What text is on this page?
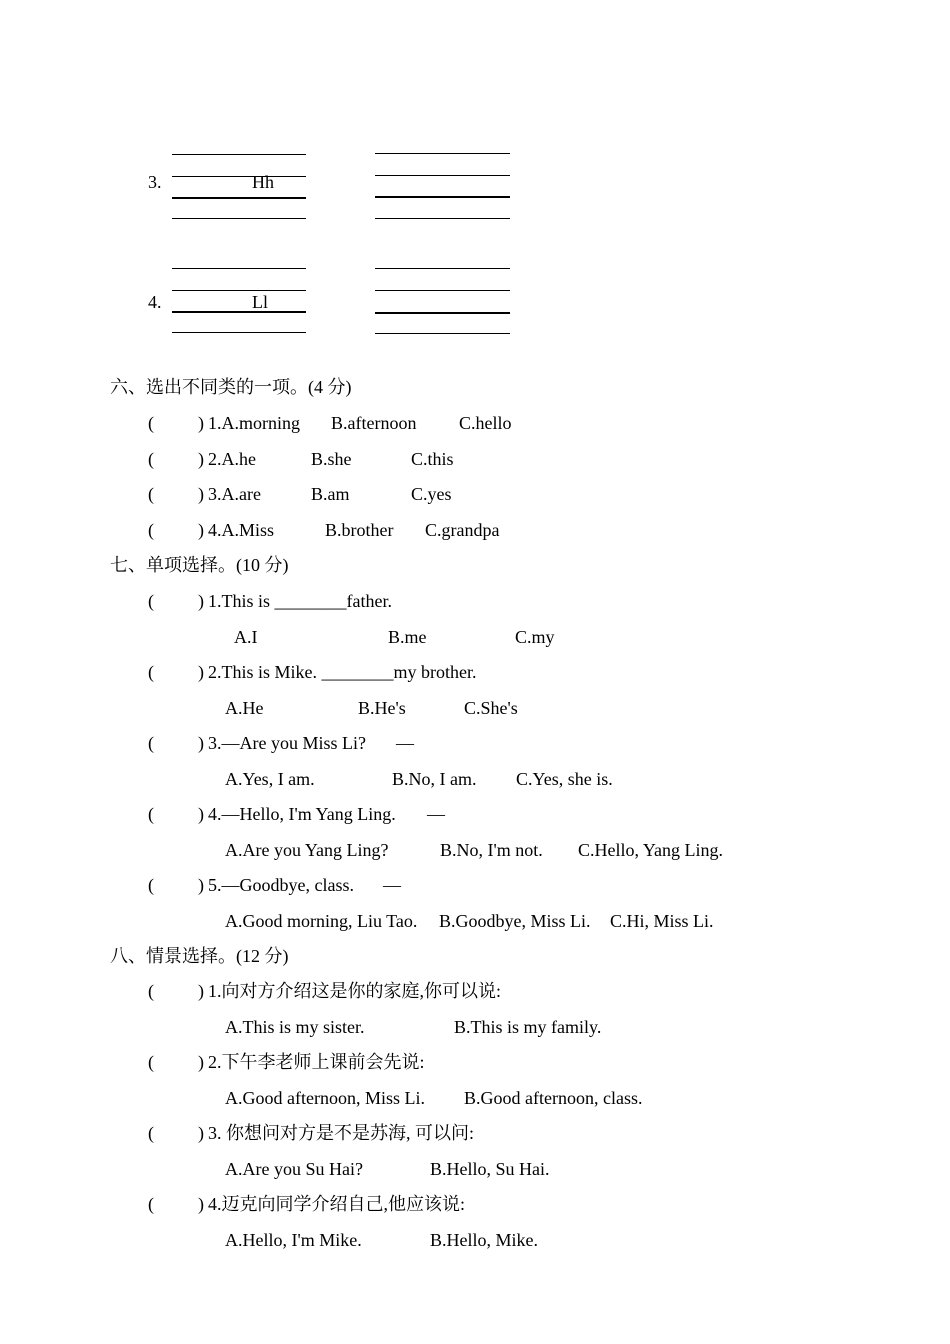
3.	Hh
4.	Ll
六、选出不同类的一项。(4 分)
( ) 1.A.morning B.afternoon C.hello
( ) 2.A.he	B.she	C.this
( ) 3.A.are	B.am	C.yes
( ) 4.A.Miss	B.brother C.grandpa
七、单项选择。(10 分)
( ) 1.This is ________father.
A.I	B.me	C.my
( ) 2.This is Mike. ________my brother.
A.He	B.He's	C.She's
( ) 3.—Are you Miss Li? —
A.Yes, I am.	B.No, I am. C.Yes, she is.
( ) 4.—Hello, I'm Yang Ling. —
A.Are you Yang Ling?	B.No, I'm not. C.Hello, Yang Ling.
( ) 5.—Goodbye, class. —
A.Good morning, Liu Tao. B.Goodbye, Miss Li. C.Hi, Miss Li.
八、情景选择。(12 分)
( ) 1.向对方介绍这是你的家庭,你可以说:
A.This is my sister.	B.This is my family.
( ) 2.下午李老师上课前会先说:
A.Good afternoon, Miss Li. B.Good afternoon, class.
( ) 3. 你想问对方是不是苏海, 可以问:
A.Are you Su Hai?	B.Hello, Su Hai.
( ) 4.迈克向同学介绍自己,他应该说:
A.Hello, I'm Mike.	B.Hello, Mike.
